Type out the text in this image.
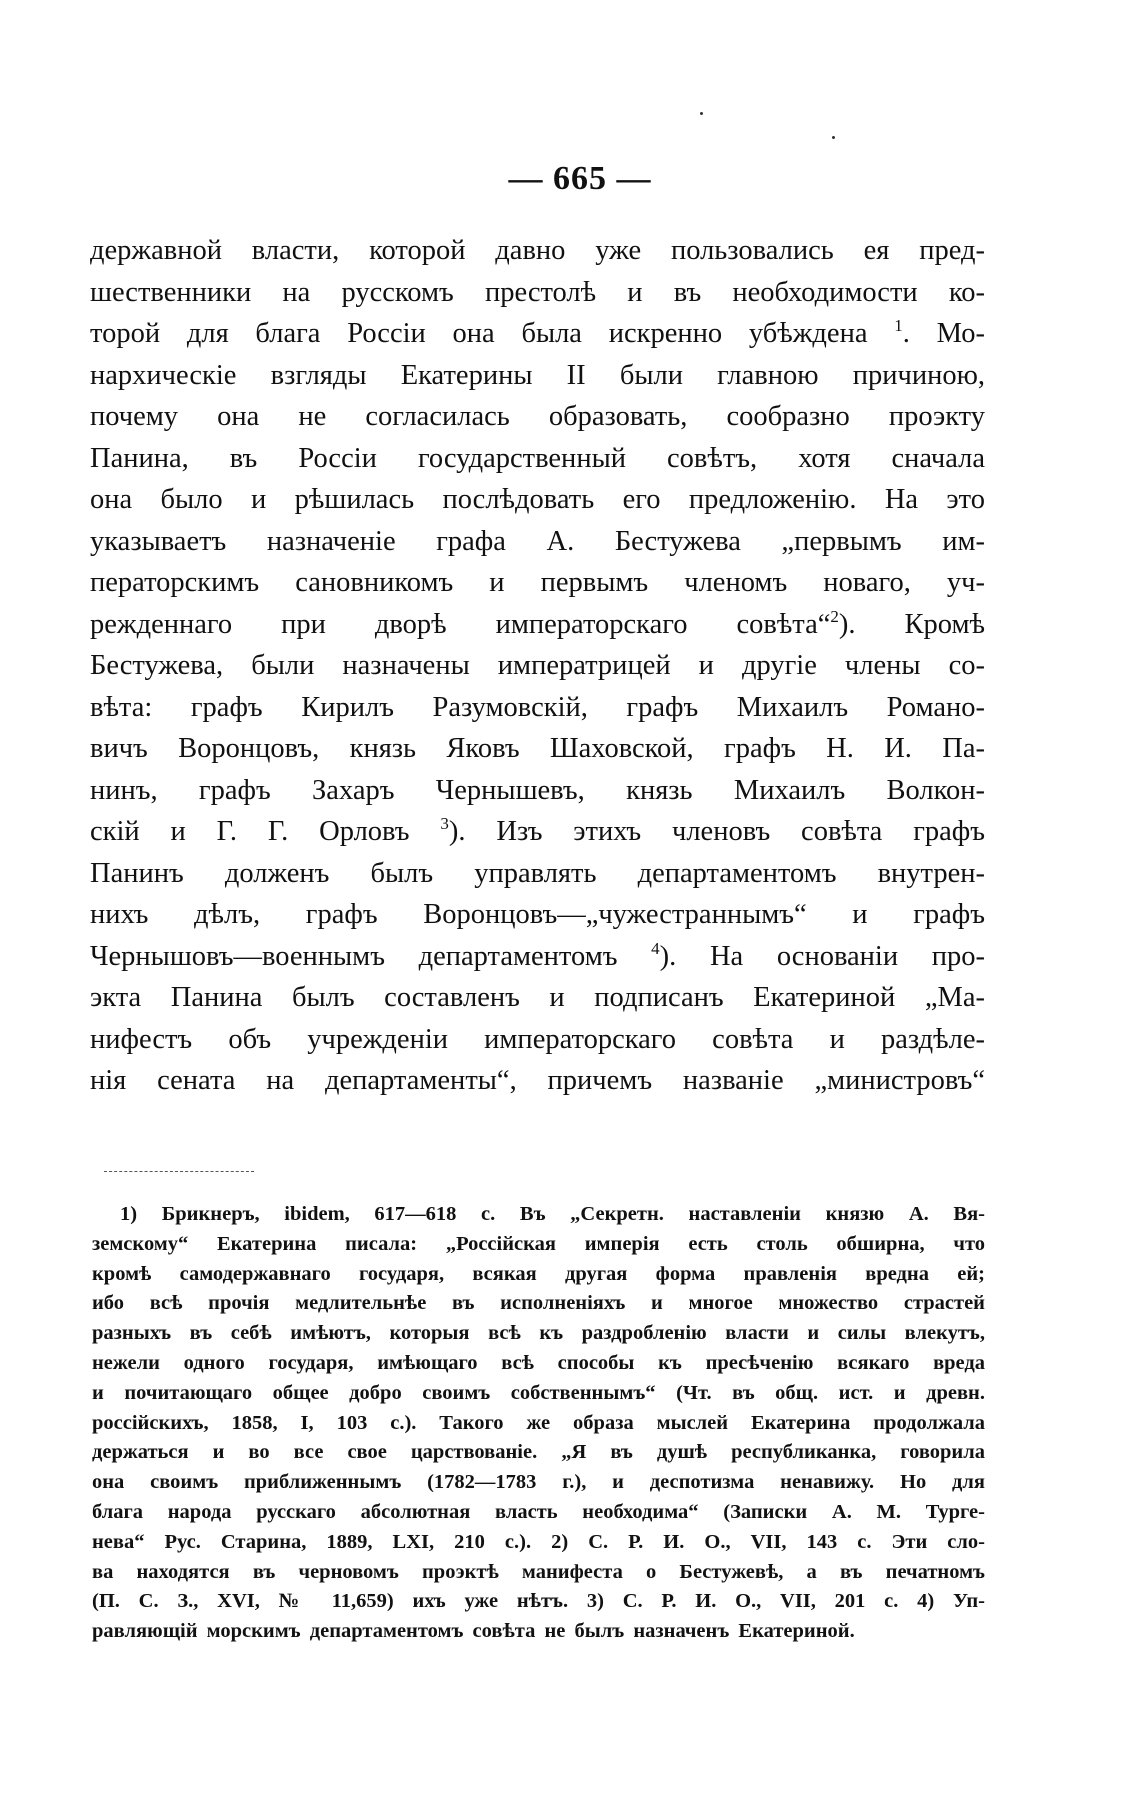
— 665 —
державной власти, которой давно уже пользовались ея пред-
шественники на русскомъ престолѣ и въ необходимости ко-
торой для блага Россіи она была искренно убѣждена $^1$. Мо-
нархическіе взгляды Екатерины II были главною причиною,
почему она не согласилась образовать, сообразно проэкту
Панина, въ Россіи государственный совѣтъ, хотя сначала
она было и рѣшилась послѣдовать его предложенію. На это
указываетъ назначеніе графа А. Бестужева „первымъ им-
ператорскимъ сановникомъ и первымъ членомъ новаго, уч-
режденнаго при дворѣ императорскаго совѣта“$^2$). Кромѣ
Бестужева, были назначены императрицей и другіе члены со-
вѣта: графъ Кирилъ Разумовскій, графъ Михаилъ Романо-
вичъ Воронцовъ, князь Яковъ Шаховской, графъ Н. И. Па-
нинъ, графъ Захаръ Чернышевъ, князь Михаилъ Волкон-
скій и Г. Г. Орловъ $^3$). Изъ этихъ членовъ совѣта графъ
Панинъ долженъ былъ управлять департаментомъ внутрен-
нихъ дѣлъ, графъ Воронцовъ—„чужестраннымъ“ и графъ
Чернышовъ—военнымъ департаментомъ $^4$). На основаніи про-
экта Панина былъ составленъ и подписанъ Екатериной „Ма-
нифестъ объ учрежденіи императорскаго совѣта и раздѣле-
нія сената на департаменты“, причемъ названіе „министровъ“
1) Брикнеръ, ibidem, 617—618 с. Въ „Секретн. наставленіи князю А. Вя-
земскому“ Екатерина писала: „Россійская имперія есть столь обширна, что
кромѣ самодержавнаго государя, всякая другая форма правленія вредна ей;
ибо всѣ прочія медлительнѣе въ исполненіяхъ и многое множество страстей
разныхъ въ себѣ имѣютъ, которыя всѣ къ раздробленію власти и силы влекутъ,
нежели одного государя, имѣющаго всѣ способы къ пресѣченію всякаго вреда
и почитающаго общее добро своимъ собственнымъ“ (Чт. въ общ. ист. и древн.
россійскихъ, 1858, I, 103 с.). Такого же образа мыслей Екатерина продолжала
держаться и во все свое царствованіе. „Я въ душѣ республиканка, говорила
она своимъ приближеннымъ (1782—1783 г.), и деспотизма ненавижу. Но для
блага народа русскаго абсолютная власть необходима“ (Записки А. М. Турге-
нева“ Рус. Старина, 1889, LXI, 210 с.). 2) С. Р. И. О., VII, 143 с. Эти сло-
ва находятся въ черновомъ проэктѣ манифеста о Бестужевѣ, а въ печатномъ
(П. С. З., XVI, № 11,659) ихъ уже нѣтъ. 3) С. Р. И. О., VII, 201 с. 4) Уп-
равляющій морскимъ департаментомъ совѣта не былъ назначенъ Екатериной.
